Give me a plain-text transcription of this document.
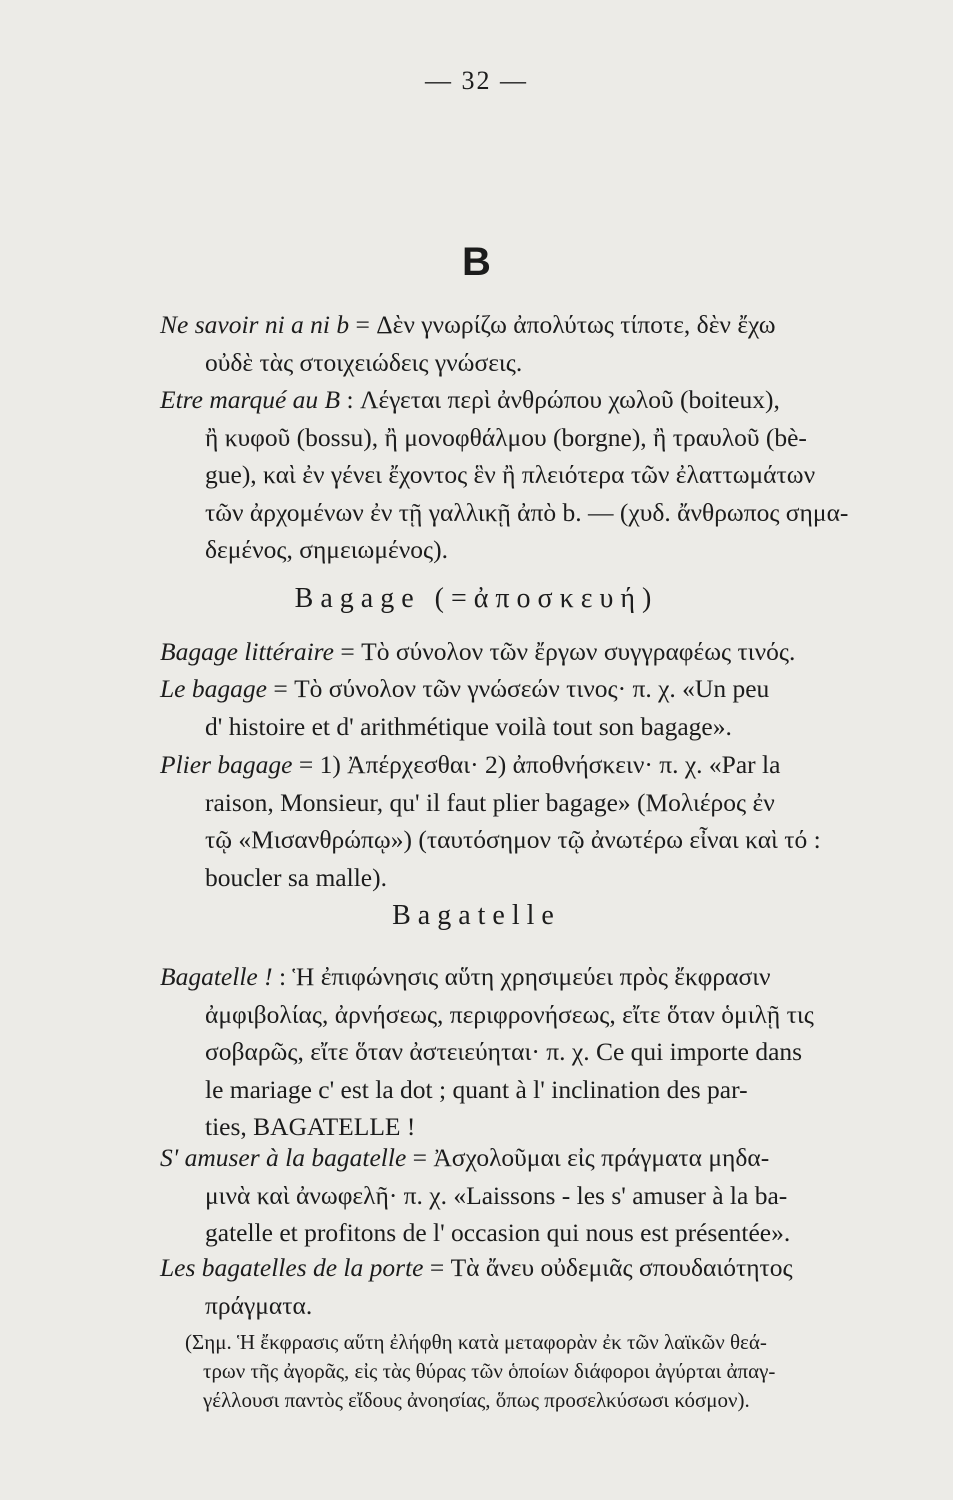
— 32 —
B
Ne savoir ni a ni b = Δὲν γνωρίζω ἀπολύτως τίποτε, δὲν ἔχω
οὐδὲ τὰς στοιχειώδεις γνώσεις.
Etre marqué au B : Λέγεται περὶ ἀνθρώπου χωλοῦ (boiteux),
ἢ κυφοῦ (bossu), ἢ μονοφθάλμου (borgne), ἢ τραυλοῦ (bè-
gue), καὶ ἐν γένει ἔχοντος ἓν ἢ πλειότερα τῶν ἐλαττωμάτων
τῶν ἀρχομένων ἐν τῇ γαλλικῇ ἀπὸ b. — (χυδ. ἄνθρωπος σημα-
δεμένος, σημειωμένος).
Bagage (=ἀποσκευή)
Bagage littéraire = Τὸ σύνολον τῶν ἔργων συγγραφέως τινός.
Le bagage = Τὸ σύνολον τῶν γνώσεών τινος· π. χ. «Un peu
d' histoire et d' arithmétique voilà tout son bagage».
Plier bagage = 1) Ἀπέρχεσθαι· 2) ἀποθνήσκειν· π. χ. «Par la
raison, Monsieur, qu' il faut plier bagage» (Μολιέρος ἐν
τῷ «Μισανθρώπῳ») (ταυτόσημον τῷ ἀνωτέρω εἶναι καὶ τό :
boucler sa malle).
Bagatelle
Bagatelle ! : Ἡ ἐπιφώνησις αὕτη χρησιμεύει πρὸς ἔκφρασιν
ἀμφιβολίας, ἀρνήσεως, περιφρονήσεως, εἴτε ὅταν ὁμιλῇ τις
σοβαρῶς, εἴτε ὅταν ἀστειεύηται· π. χ. Ce qui importe dans
le mariage c' est la dot ; quant à l' inclination des par-
ties, BAGATELLE !
S' amuser à la bagatelle = Ἀσχολοῦμαι εἰς πράγματα μηδα-
μινὰ καὶ ἀνωφελῆ· π. χ. «Laissons - les s' amuser à la ba-
gatelle et profitons de l' occasion qui nous est présentée».
Les bagatelles de la porte = Τὰ ἄνευ οὐδεμιᾶς σπουδαιότητος
πράγματα.
(Σημ. Ἡ ἔκφρασις αὕτη ἐλήφθη κατὰ μεταφορὰν ἐκ τῶν λαϊκῶν θεά-
τρων τῆς ἀγορᾶς, εἰς τὰς θύρας τῶν ὁποίων διάφοροι ἀγύρται ἀπαγ-
γέλλουσι παντὸς εἴδους ἀνοησίας, ὅπως προσελκύσωσι κόσμον).
